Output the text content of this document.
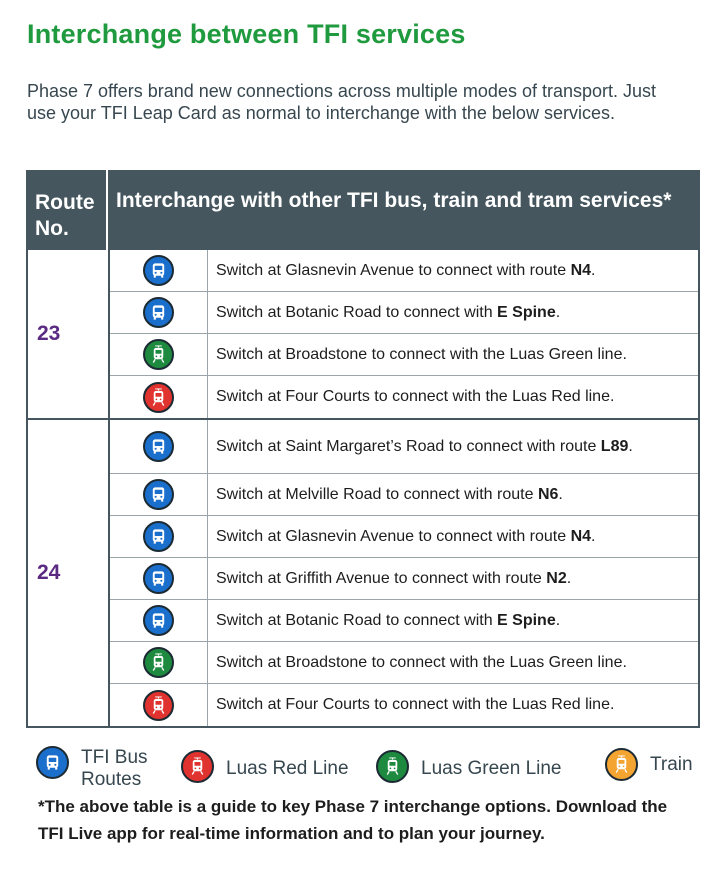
Interchange between TFI services
Phase 7 offers brand new connections across multiple modes of transport. Just use your TFI Leap Card as normal to interchange with the below services.
Route No.
Interchange with other TFI bus, train and tram services*
23
Switch at Glasnevin Avenue to connect with route N4.
Switch at Botanic Road to connect with E Spine.
Switch at Broadstone to connect with the Luas Green line.
Switch at Four Courts to connect with the Luas Red line.
24
Switch at Saint Margaret’s Road to connect with route L89.
Switch at Melville Road to connect with route N6.
Switch at Glasnevin Avenue to connect with route N4.
Switch at Griffith Avenue to connect with route N2.
Switch at Botanic Road to connect with E Spine.
Switch at Broadstone to connect with the Luas Green line.
Switch at Four Courts to connect with the Luas Red line.
TFI Bus Routes
Luas Red Line	Luas Green Line	Train
*The above table is a guide to key Phase 7 interchange options. Download the TFI Live app for real-time information and to plan your journey.
